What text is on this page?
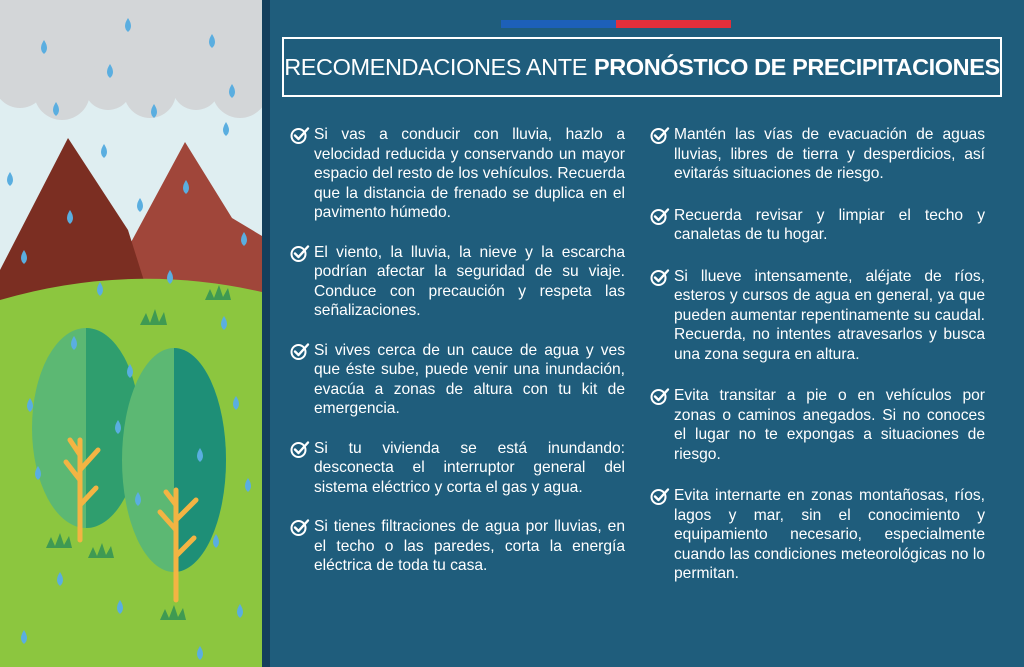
RECOMENDACIONES ANTE PRONÓSTICO DE PRECIPITACIONES

Si vas a conducir con lluvia, hazlo a velocidad reducida y conservando un mayor espacio del resto de los vehículos. Recuerda que la distancia de frenado se duplica en el pavimento húmedo.

El viento, la lluvia, la nieve y la escarcha podrían afectar la seguridad de su viaje. Conduce con precaución y respeta las señalizaciones.

Si vives cerca de un cauce de agua y ves que éste sube, puede venir una inundación, evacúa a zonas de altura con tu kit de emergencia.

Si tu vivienda se está inundando: desconecta el interruptor general del sistema eléctrico y corta el gas y agua.

Si tienes filtraciones de agua por lluvias, en el techo o las paredes, corta la energía eléctrica de toda tu casa.

Mantén las vías de evacuación de aguas lluvias, libres de tierra y desperdicios, así evitarás situaciones de riesgo.

Recuerda revisar y limpiar el techo y canaletas de tu hogar.

Si llueve intensamente, aléjate de ríos, esteros y cursos de agua en general, ya que pueden aumentar repentinamente su caudal. Recuerda, no intentes atravesarlos y busca una zona segura en altura.

Evita transitar a pie o en vehículos por zonas o caminos anegados. Si no conoces el lugar no te expongas a situaciones de riesgo.

Evita internarte en zonas montañosas, ríos, lagos y mar, sin el conocimiento y equipamiento necesario, especialmente cuando las condiciones meteorológicas no lo permitan.
